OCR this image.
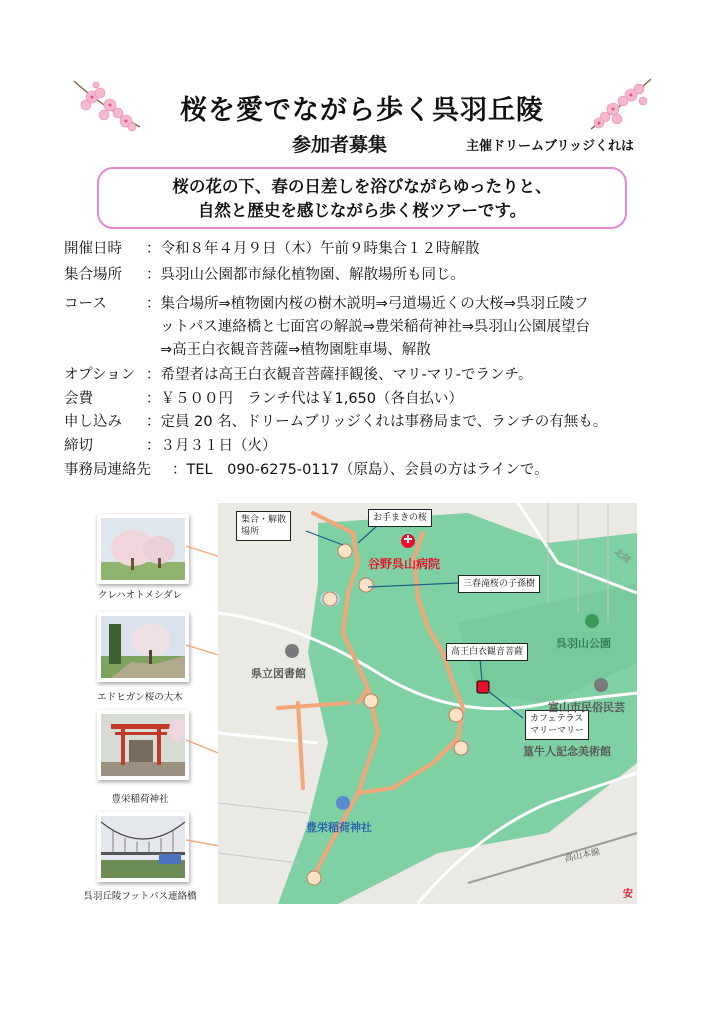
桜を愛でながら歩く呉羽丘陵
参加者募集	主催ドリームブリッジくれは
桜の花の下、春の日差しを浴びながらゆったりと、
自然と歴史を感じながら歩く桜ツアーです。
開催日時 ：令和８年４月９日（木）午前９時集合１２時解散
集合場所 ：呉羽山公園都市緑化植物園、解散場所も同じ。
コース	：集合場所⇒植物園内桜の樹木説明⇒弓道場近くの大桜⇒呉羽丘陵フ
ットパス連絡橋と七面宮の解説⇒豊栄稲荷神社⇒呉羽山公園展望台
⇒高王白衣観音菩薩⇒植物園駐車場、解散
オプション ：希望者は高王白衣観音菩薩拝観後、マリ-マリ-でランチ。
会費	：￥５００円　ランチ代は￥1,650（各自払い）
申し込み ：定員 20 名、ドリームブリッジくれは事務局まで、ランチの有無も。
締切	：３月３１日（火）
事務局連絡先 ：TEL　090-6275-0117（原島）、会員の方はラインで。
クレハオトメシダレ
エドヒガン桜の大木
豊栄稲荷神社
呉羽丘陵フットパス連絡橋
集合・解散
場所
お手まきの桜
三春滝桜の子孫樹
高王白衣観音菩薩
カフェテラス
マリーマリー
谷野呉山病院
呉羽山公園
県立図書館
富山市民俗民芸
篁牛人記念美術館
豊栄稲荷神社
高山本線
北陸
安
